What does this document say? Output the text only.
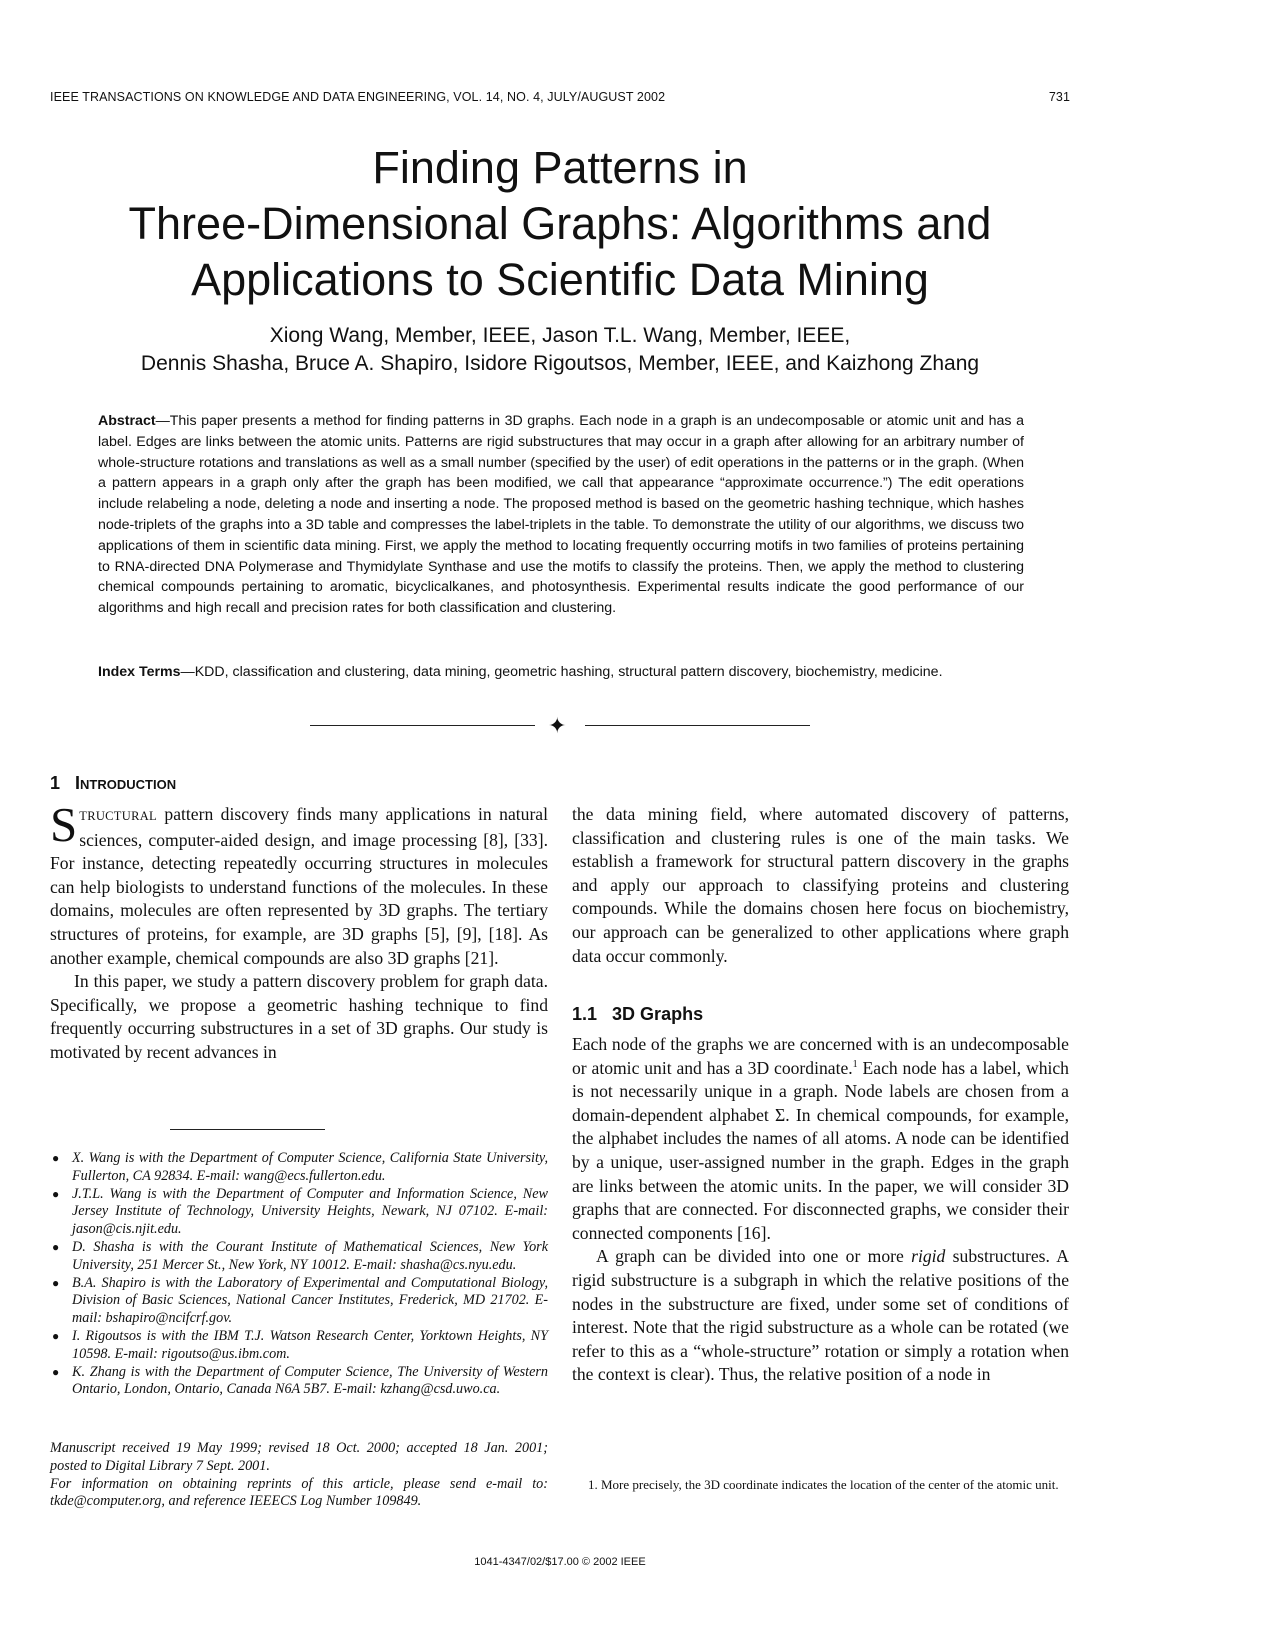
IEEE TRANSACTIONS ON KNOWLEDGE AND DATA ENGINEERING, VOL. 14, NO. 4, JULY/AUGUST 2002	731
Finding Patterns in
Three-Dimensional Graphs: Algorithms and
Applications to Scientific Data Mining
Xiong Wang, Member, IEEE, Jason T.L. Wang, Member, IEEE,
Dennis Shasha, Bruce A. Shapiro, Isidore Rigoutsos, Member, IEEE, and Kaizhong Zhang
Abstract—This paper presents a method for finding patterns in 3D graphs. Each node in a graph is an undecomposable or atomic unit and has a label. Edges are links between the atomic units. Patterns are rigid substructures that may occur in a graph after allowing for an arbitrary number of whole-structure rotations and translations as well as a small number (specified by the user) of edit operations in the patterns or in the graph. (When a pattern appears in a graph only after the graph has been modified, we call that appearance “approximate occurrence.”) The edit operations include relabeling a node, deleting a node and inserting a node. The proposed method is based on the geometric hashing technique, which hashes node-triplets of the graphs into a 3D table and compresses the label-triplets in the table. To demonstrate the utility of our algorithms, we discuss two applications of them in scientific data mining. First, we apply the method to locating frequently occurring motifs in two families of proteins pertaining to RNA-directed DNA Polymerase and Thymidylate Synthase and use the motifs to classify the proteins. Then, we apply the method to clustering chemical compounds pertaining to aromatic, bicyclicalkanes, and photosynthesis. Experimental results indicate the good performance of our algorithms and high recall and precision rates for both classification and clustering.
Index Terms—KDD, classification and clustering, data mining, geometric hashing, structural pattern discovery, biochemistry, medicine.
✦
1 Introduction

STRUCTURAL pattern discovery finds many applications in natural sciences, computer-aided design, and image processing [8], [33]. For instance, detecting repeatedly occurring structures in molecules can help biologists to understand functions of the molecules. In these domains, molecules are often represented by 3D graphs. The tertiary structures of proteins, for example, are 3D graphs [5], [9], [18]. As another example, chemical compounds are also 3D graphs [21].

In this paper, we study a pattern discovery problem for graph data. Specifically, we propose a geometric hashing technique to find frequently occurring substructures in a set of 3D graphs. Our study is motivated by recent advances in

● X. Wang is with the Department of Computer Science, California State University, Fullerton, CA 92834. E-mail: wang@ecs.fullerton.edu.
● J.T.L. Wang is with the Department of Computer and Information Science, New Jersey Institute of Technology, University Heights, Newark, NJ 07102. E-mail: jason@cis.njit.edu.
● D. Shasha is with the Courant Institute of Mathematical Sciences, New York University, 251 Mercer St., New York, NY 10012. E-mail: shasha@cs.nyu.edu.
● B.A. Shapiro is with the Laboratory of Experimental and Computational Biology, Division of Basic Sciences, National Cancer Institutes, Frederick, MD 21702. E-mail: bshapiro@ncifcrf.gov.
● I. Rigoutsos is with the IBM T.J. Watson Research Center, Yorktown Heights, NY 10598. E-mail: rigoutso@us.ibm.com.
● K. Zhang is with the Department of Computer Science, The University of Western Ontario, London, Ontario, Canada N6A 5B7. E-mail: kzhang@csd.uwo.ca.
Manuscript received 19 May 1999; revised 18 Oct. 2000; accepted 18 Jan. 2001; posted to Digital Library 7 Sept. 2001.
For information on obtaining reprints of this article, please send e-mail to: tkde@computer.org, and reference IEEECS Log Number 109849.

the data mining field, where automated discovery of patterns, classification and clustering rules is one of the main tasks. We establish a framework for structural pattern discovery in the graphs and apply our approach to classifying proteins and clustering compounds. While the domains chosen here focus on biochemistry, our approach can be generalized to other applications where graph data occur commonly.

1.1 3D Graphs

Each node of the graphs we are concerned with is an undecomposable or atomic unit and has a 3D coordinate.$^1$ Each node has a label, which is not necessarily unique in a graph. Node labels are chosen from a domain-dependent alphabet Σ. In chemical compounds, for example, the alphabet includes the names of all atoms. A node can be identified by a unique, user-assigned number in the graph. Edges in the graph are links between the atomic units. In the paper, we will consider 3D graphs that are connected. For disconnected graphs, we consider their connected components [16].

A graph can be divided into one or more rigid substructures. A rigid substructure is a subgraph in which the relative positions of the nodes in the substructure are fixed, under some set of conditions of interest. Note that the rigid substructure as a whole can be rotated (we refer to this as a “whole-structure” rotation or simply a rotation when the context is clear). Thus, the relative position of a node in

1. More precisely, the 3D coordinate indicates the location of the center of the atomic unit.
1041-4347/02/$17.00 © 2002 IEEE
